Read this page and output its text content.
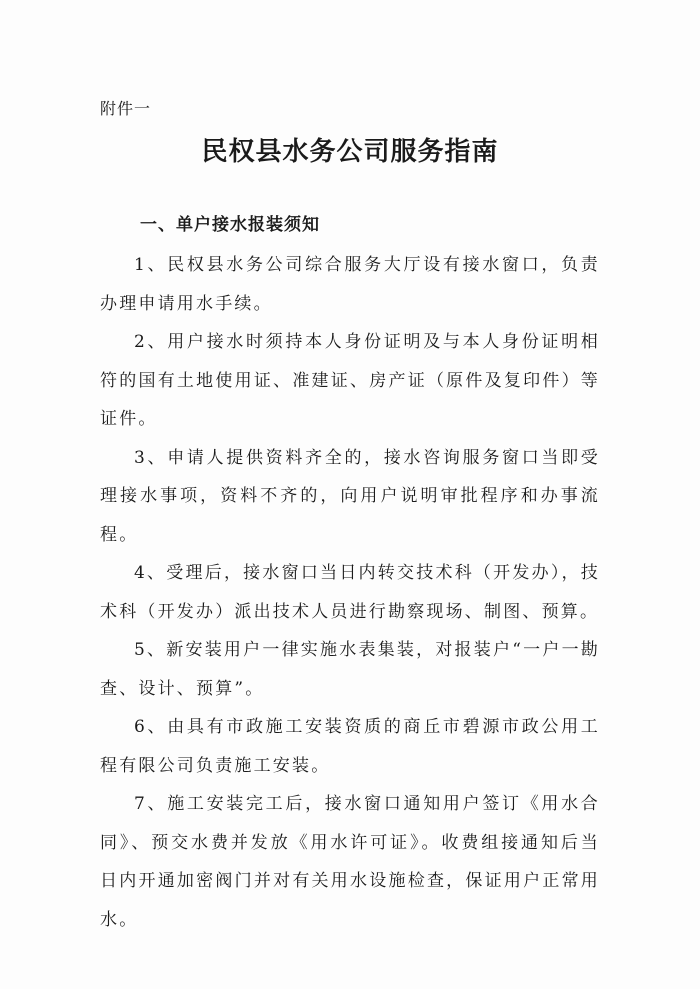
附件一
民权县水务公司服务指南
一、单户接水报装须知

1、民权县水务公司综合服务大厅设有接水窗口，负责办理申请用水手续。

2、用户接水时须持本人身份证明及与本人身份证明相符的国有土地使用证、准建证、房产证（原件及复印件）等证件。

3、申请人提供资料齐全的，接水咨询服务窗口当即受理接水事项，资料不齐的，向用户说明审批程序和办事流程。

4、受理后，接水窗口当日内转交技术科（开发办），技术科（开发办）派出技术人员进行勘察现场、制图、预算。

5、新安装用户一律实施水表集装，对报装户“一户一勘查、设计、预算”。

6、由具有市政施工安装资质的商丘市碧源市政公用工程有限公司负责施工安装。

7、施工安装完工后，接水窗口通知用户签订《用水合同》、预交水费并发放《用水许可证》。收费组接通知后当日内开通加密阀门并对有关用水设施检查，保证用户正常用水。
